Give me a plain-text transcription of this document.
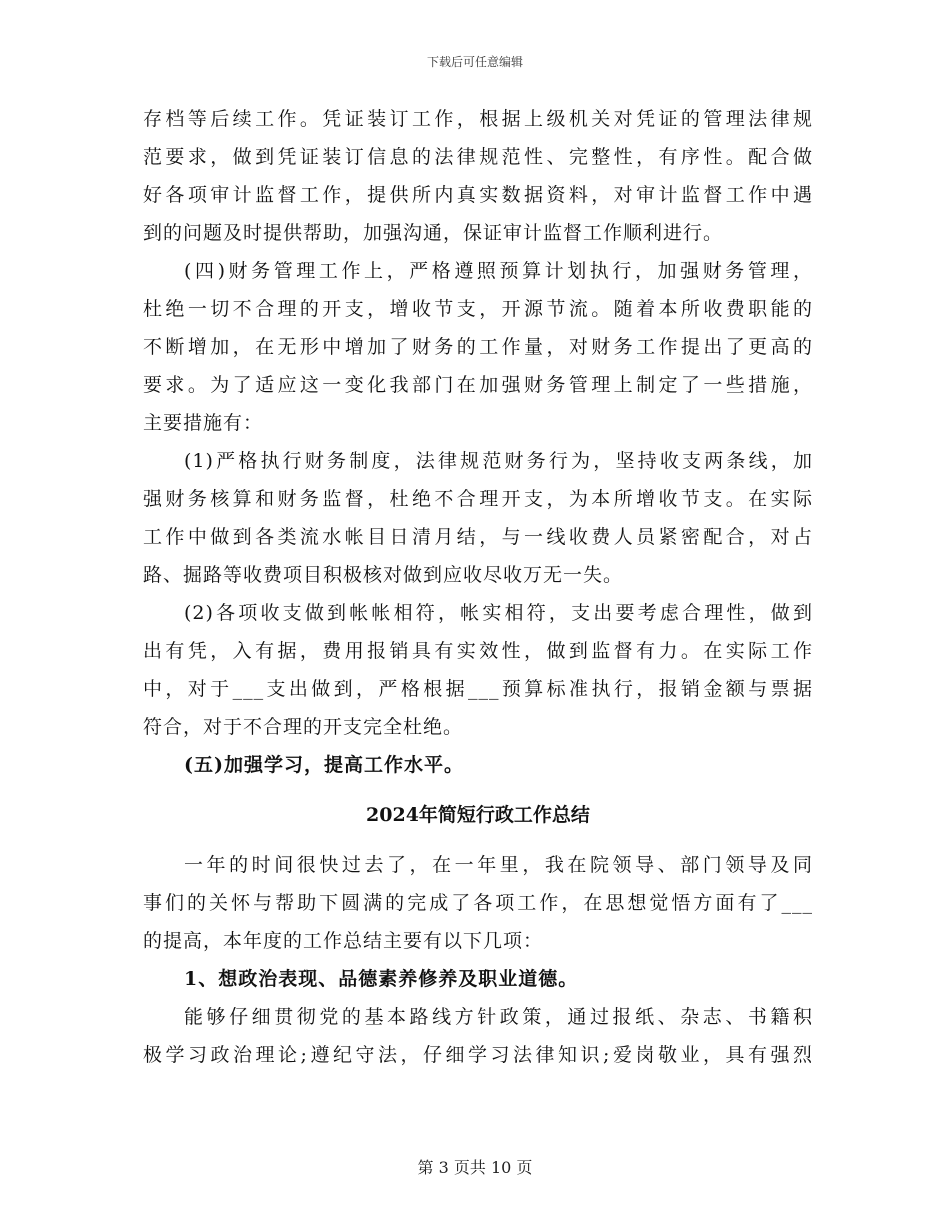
下载后可任意编辑
存档等后续工作。凭证装订工作，根据上级机关对凭证的管理法律规
范要求，做到凭证装订信息的法律规范性、完整性，有序性。配合做
好各项审计监督工作，提供所内真实数据资料，对审计监督工作中遇
到的问题及时提供帮助，加强沟通，保证审计监督工作顺利进行。
(四)财务管理工作上，严格遵照预算计划执行，加强财务管理，
杜绝一切不合理的开支，增收节支，开源节流。随着本所收费职能的
不断增加，在无形中增加了财务的工作量，对财务工作提出了更高的
要求。为了适应这一变化我部门在加强财务管理上制定了一些措施，
主要措施有：
(1)严格执行财务制度，法律规范财务行为，坚持收支两条线，加
强财务核算和财务监督，杜绝不合理开支，为本所增收节支。在实际
工作中做到各类流水帐目日清月结，与一线收费人员紧密配合，对占
路、掘路等收费项目积极核对做到应收尽收万无一失。
(2)各项收支做到帐帐相符，帐实相符，支出要考虑合理性，做到
出有凭，入有据，费用报销具有实效性，做到监督有力。在实际工作
中，对于___支出做到，严格根据___预算标准执行，报销金额与票据
符合，对于不合理的开支完全杜绝。
(五)加强学习，提高工作水平。
2024年简短行政工作总结
一年的时间很快过去了，在一年里，我在院领导、部门领导及同
事们的关怀与帮助下圆满的完成了各项工作，在思想觉悟方面有了___
的提高，本年度的工作总结主要有以下几项：
1、想政治表现、品德素养修养及职业道德。
能够仔细贯彻党的基本路线方针政策，通过报纸、杂志、书籍积
极学习政治理论;遵纪守法，仔细学习法律知识;爱岗敬业，具有强烈
第 3 页共 10 页
